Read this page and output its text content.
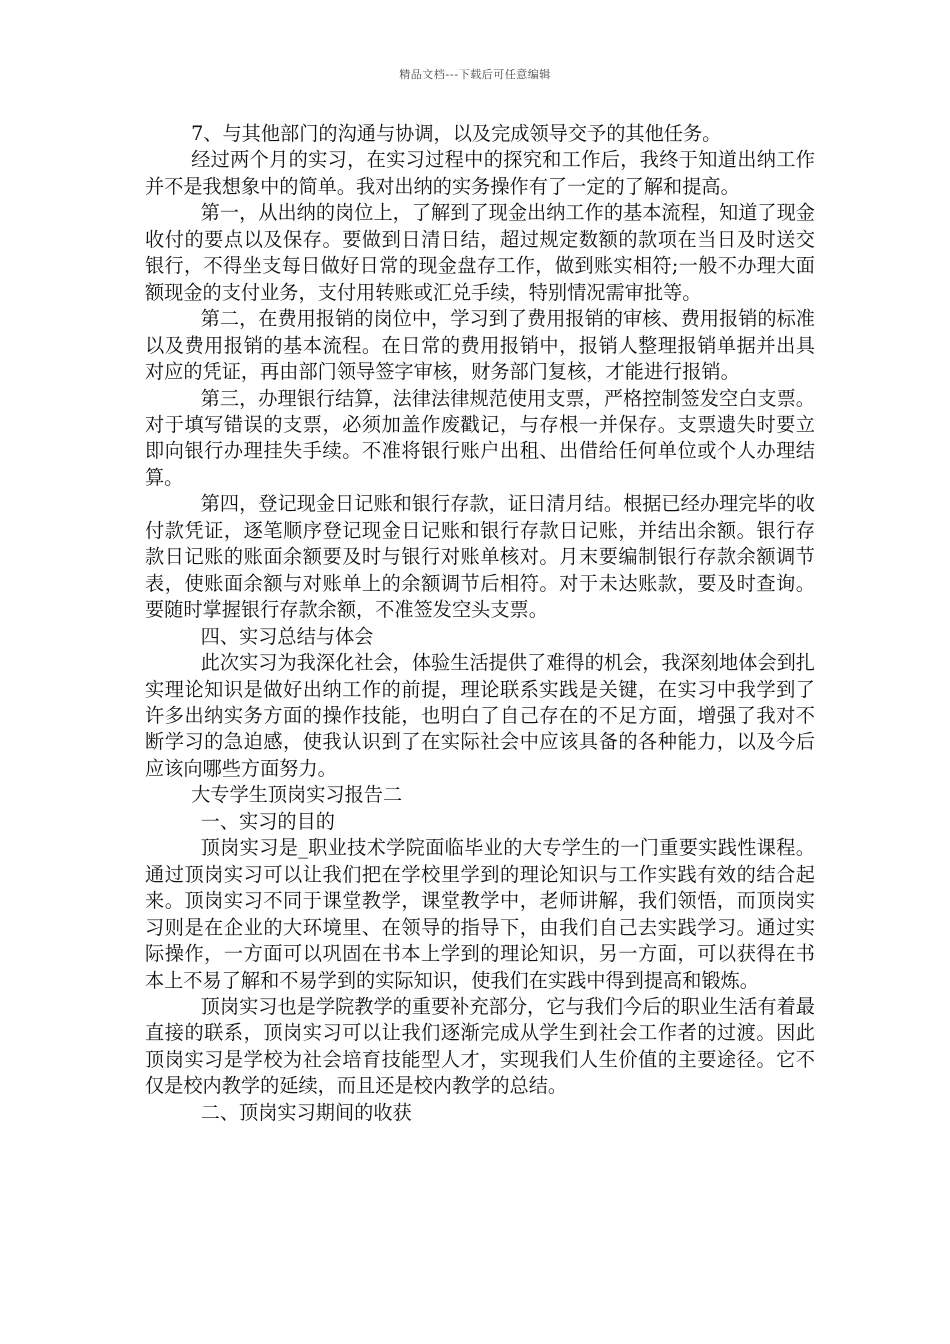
精品文档---下载后可任意编辑

7、与其他部门的沟通与协调，以及完成领导交予的其他任务。

经过两个月的实习，在实习过程中的探究和工作后，我终于知道出纳工作并不是我想象中的简单。我对出纳的实务操作有了一定的了解和提高。

第一，从出纳的岗位上，了解到了现金出纳工作的基本流程，知道了现金收付的要点以及保存。要做到日清日结，超过规定数额的款项在当日及时送交银行，不得坐支每日做好日常的现金盘存工作，做到账实相符;一般不办理大面额现金的支付业务，支付用转账或汇兑手续，特别情况需审批等。

第二，在费用报销的岗位中，学习到了费用报销的审核、费用报销的标准以及费用报销的基本流程。在日常的费用报销中，报销人整理报销单据并出具对应的凭证，再由部门领导签字审核，财务部门复核，才能进行报销。

第三，办理银行结算，法律法律规范使用支票，严格控制签发空白支票。对于填写错误的支票，必须加盖作废戳记，与存根一并保存。支票遗失时要立即向银行办理挂失手续。不准将银行账户出租、出借给任何单位或个人办理结算。

第四，登记现金日记账和银行存款，证日清月结。根据已经办理完毕的收付款凭证，逐笔顺序登记现金日记账和银行存款日记账，并结出余额。银行存款日记账的账面余额要及时与银行对账单核对。月末要编制银行存款余额调节表，使账面余额与对账单上的余额调节后相符。对于未达账款，要及时查询。要随时掌握银行存款余额，不准签发空头支票。

四、实习总结与体会

此次实习为我深化社会，体验生活提供了难得的机会，我深刻地体会到扎实理论知识是做好出纳工作的前提，理论联系实践是关键，在实习中我学到了许多出纳实务方面的操作技能，也明白了自己存在的不足方面，增强了我对不断学习的急迫感，使我认识到了在实际社会中应该具备的各种能力，以及今后应该向哪些方面努力。

大专学生顶岗实习报告二

一、实习的目的

顶岗实习是_职业技术学院面临毕业的大专学生的一门重要实践性课程。通过顶岗实习可以让我们把在学校里学到的理论知识与工作实践有效的结合起来。顶岗实习不同于课堂教学，课堂教学中，老师讲解，我们领悟，而顶岗实习则是在企业的大环境里、在领导的指导下，由我们自己去实践学习。通过实际操作，一方面可以巩固在书本上学到的理论知识，另一方面，可以获得在书本上不易了解和不易学到的实际知识，使我们在实践中得到提高和锻炼。

顶岗实习也是学院教学的重要补充部分，它与我们今后的职业生活有着最直接的联系，顶岗实习可以让我们逐渐完成从学生到社会工作者的过渡。因此顶岗实习是学校为社会培育技能型人才，实现我们人生价值的主要途径。它不仅是校内教学的延续，而且还是校内教学的总结。

二、顶岗实习期间的收获
